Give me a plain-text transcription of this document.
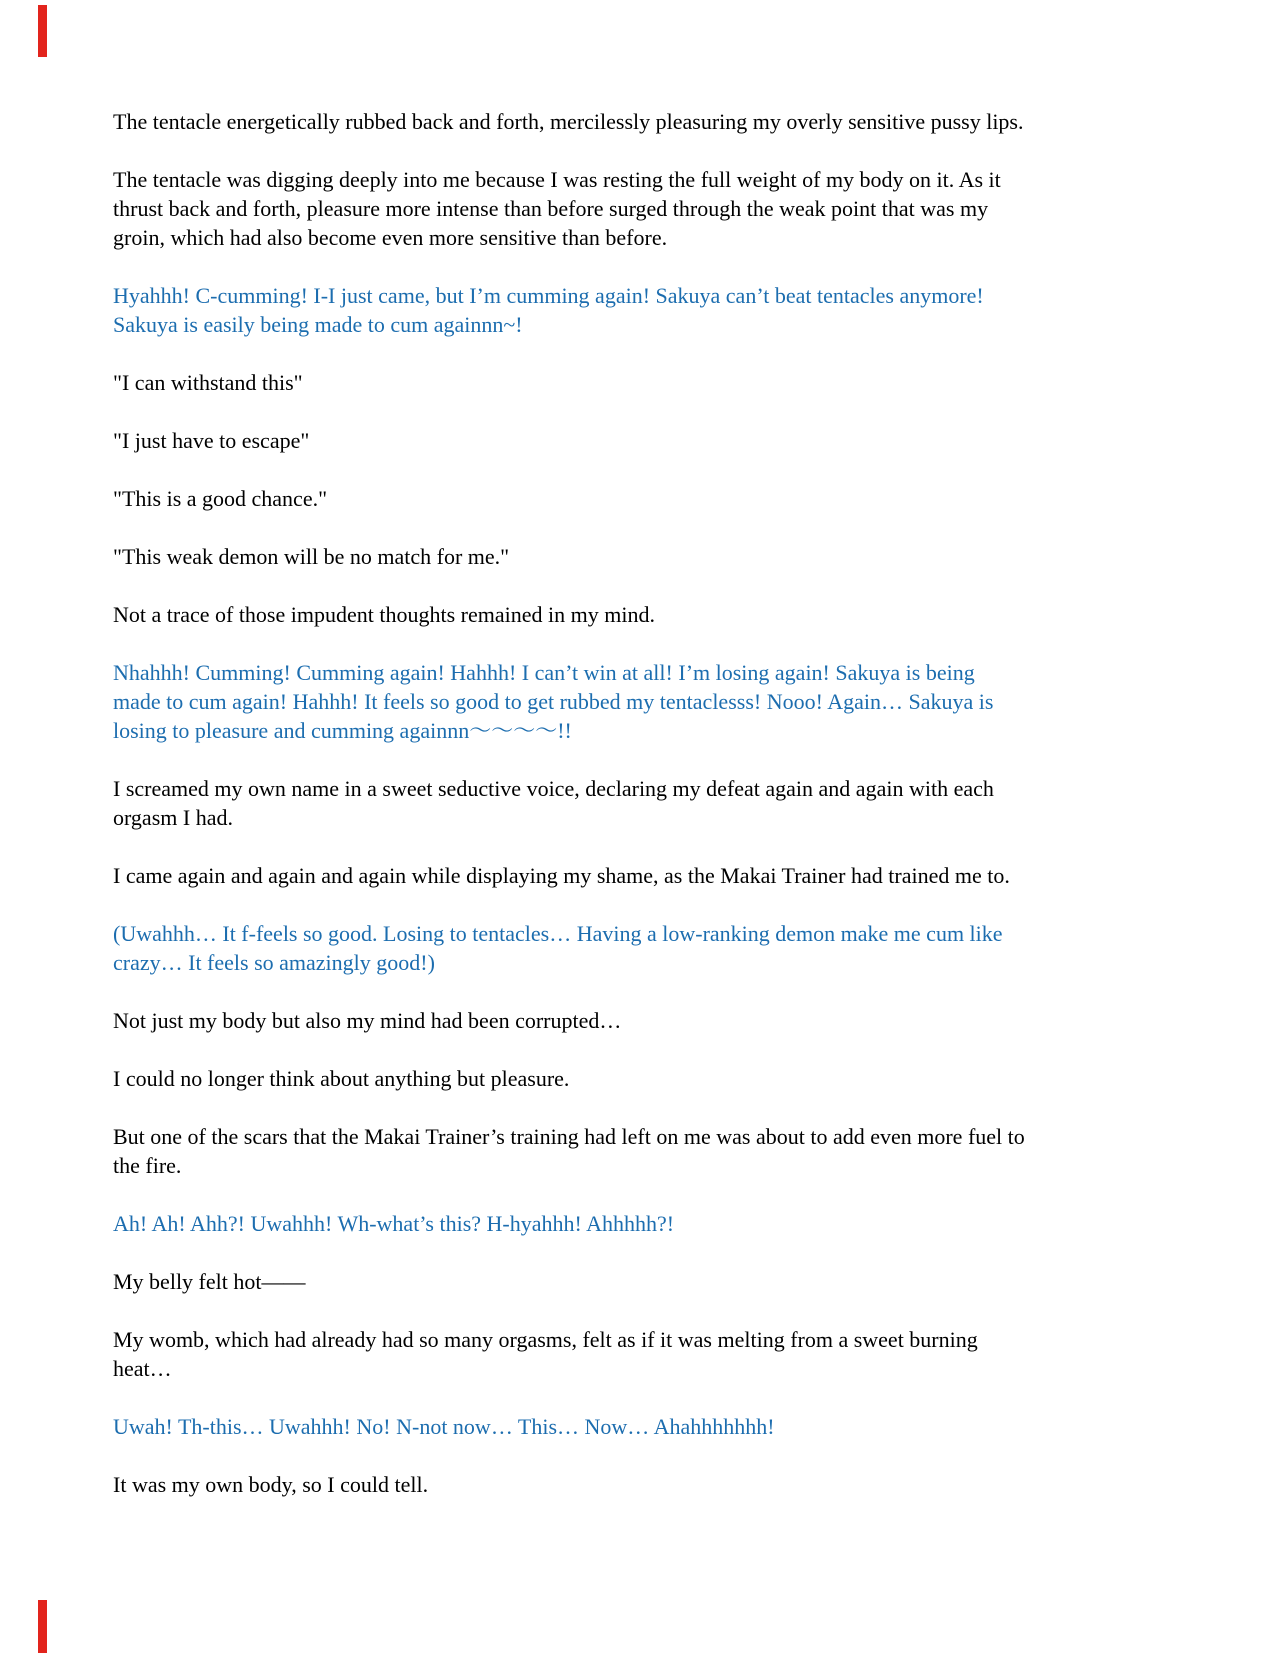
The tentacle energetically rubbed back and forth, mercilessly pleasuring my overly sensitive pussy lips.
The tentacle was digging deeply into me because I was resting the full weight of my body on it. As it
thrust back and forth, pleasure more intense than before surged through the weak point that was my
groin, which had also become even more sensitive than before.
Hyahhh! C-cumming! I-I just came, but I’m cumming again! Sakuya can’t beat tentacles anymore!
Sakuya is easily being made to cum againnn~!
"I can withstand this"
"I just have to escape"
"This is a good chance."
"This weak demon will be no match for me."
Not a trace of those impudent thoughts remained in my mind.
Nhahhh! Cumming! Cumming again! Hahhh! I can’t win at all! I’m losing again! Sakuya is being
made to cum again! Hahhh! It feels so good to get rubbed my tentaclesss! Nooo! Again… Sakuya is
losing to pleasure and cumming againnn～～～～!!
I screamed my own name in a sweet seductive voice, declaring my defeat again and again with each
orgasm I had.
I came again and again and again while displaying my shame, as the Makai Trainer had trained me to.
(Uwahhh… It f-feels so good. Losing to tentacles… Having a low-ranking demon make me cum like
crazy… It feels so amazingly good!)
Not just my body but also my mind had been corrupted…
I could no longer think about anything but pleasure.
But one of the scars that the Makai Trainer’s training had left on me was about to add even more fuel to
the fire.
Ah! Ah! Ahh?! Uwahhh! Wh-what’s this? H-hyahhh! Ahhhhh?!
My belly felt hot——
My womb, which had already had so many orgasms, felt as if it was melting from a sweet burning
heat…
Uwah! Th-this… Uwahhh! No! N-not now… This… Now… Ahahhhhhhh!
It was my own body, so I could tell.
